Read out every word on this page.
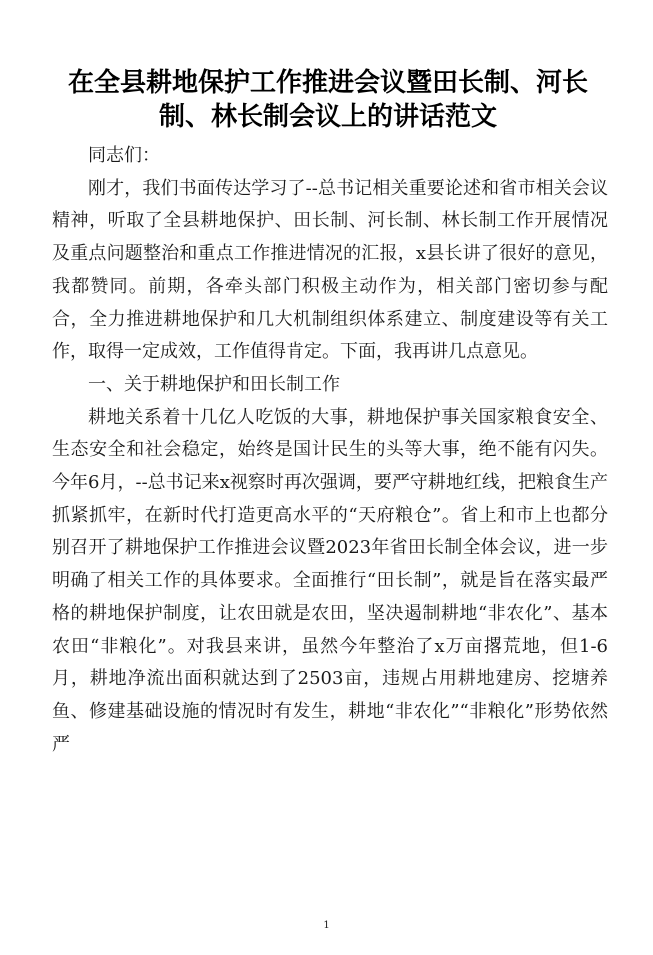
在全县耕地保护工作推进会议暨田长制、河长制、林长制会议上的讲话范文

同志们：

刚才，我们书面传达学习了--总书记相关重要论述和省市相关会议精神，听取了全县耕地保护、田长制、河长制、林长制工作开展情况及重点问题整治和重点工作推进情况的汇报，x县长讲了很好的意见，我都赞同。前期，各牵头部门积极主动作为，相关部门密切参与配合，全力推进耕地保护和几大机制组织体系建立、制度建设等有关工作，取得一定成效，工作值得肯定。下面，我再讲几点意见。

一、关于耕地保护和田长制工作

耕地关系着十几亿人吃饭的大事，耕地保护事关国家粮食安全、生态安全和社会稳定，始终是国计民生的头等大事，绝不能有闪失。今年6月，--总书记来x视察时再次强调，要严守耕地红线，把粮食生产抓紧抓牢，在新时代打造更高水平的“天府粮仓”。省上和市上也都分别召开了耕地保护工作推进会议暨2023年省田长制全体会议，进一步明确了相关工作的具体要求。全面推行“田长制”，就是旨在落实最严格的耕地保护制度，让农田就是农田，坚决遏制耕地“非农化”、基本农田“非粮化”。对我县来讲，虽然今年整治了x万亩撂荒地，但1-6月，耕地净流出面积就达到了2503亩，违规占用耕地建房、挖塘养鱼、修建基础设施的情况时有发生，耕地“非农化”“非粮化”形势依然严

1
